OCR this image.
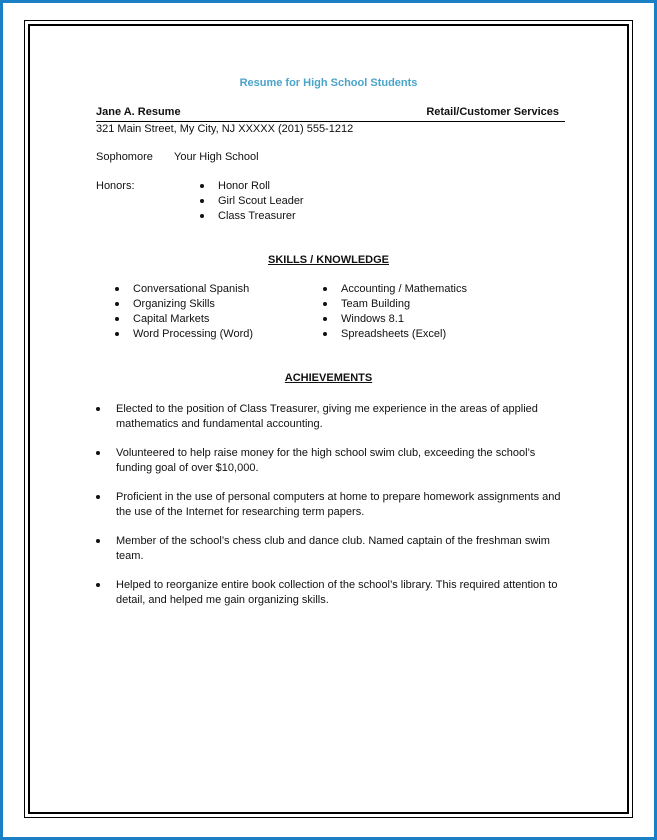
Resume for High School Students
Jane A. Resume	Retail/Customer Services
321 Main Street, My City, NJ XXXXX (201) 555-1212
Sophomore Your High School
Honors:	Honor Roll
Girl Scout Leader
Class Treasurer
SKILLS / KNOWLEDGE
Conversational Spanish
Organizing Skills
Capital Markets
Word Processing (Word)
Accounting / Mathematics
Team Building
Windows 8.1
Spreadsheets (Excel)
ACHIEVEMENTS
Elected to the position of Class Treasurer, giving me experience in the areas of applied mathematics and fundamental accounting.
Volunteered to help raise money for the high school swim club, exceeding the school’s funding goal of over $10,000.
Proficient in the use of personal computers at home to prepare homework assignments and the use of the Internet for researching term papers.
Member of the school’s chess club and dance club. Named captain of the freshman swim team.
Helped to reorganize entire book collection of the school’s library. This required attention to detail, and helped me gain organizing skills.
